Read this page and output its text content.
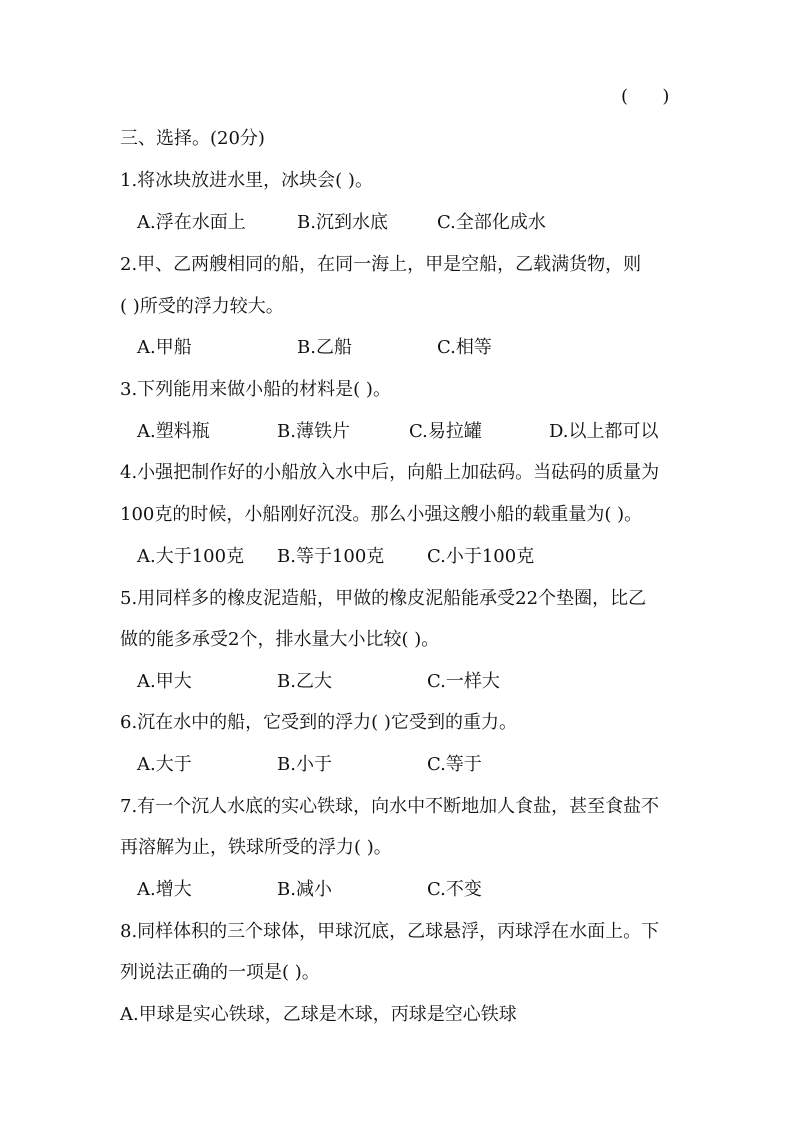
(      )
三、选择。(20分)
1.将冰块放进水里，冰块会( )。
A.浮在水面上	B.沉到水底	C.全部化成水
2.甲、乙两艘相同的船，在同一海上，甲是空船，乙载满货物，则
( )所受的浮力较大。
A.甲船	B.乙船	C.相等
3.下列能用来做小船的材料是( )。
A.塑料瓶	B.薄铁片	C.易拉罐	D.以上都可以
4.小强把制作好的小船放入水中后，向船上加砝码。当砝码的质量为
100克的时候，小船刚好沉没。那么小强这艘小船的载重量为( )。
A.大于100克 B.等于100克 C.小于100克
5.用同样多的橡皮泥造船，甲做的橡皮泥船能承受22个垫圈，比乙
做的能多承受2个，排水量大小比较( )。
A.甲大	B.乙大	C.一样大
6.沉在水中的船，它受到的浮力( )它受到的重力。
A.大于	B.小于	C.等于
7.有一个沉人水底的实心铁球，向水中不断地加人食盐，甚至食盐不
再溶解为止，铁球所受的浮力( )。
A.增大	B.减小	C.不变
8.同样体积的三个球体，甲球沉底，乙球悬浮，丙球浮在水面上。下
列说法正确的一项是( )。
A.甲球是实心铁球，乙球是木球，丙球是空心铁球
